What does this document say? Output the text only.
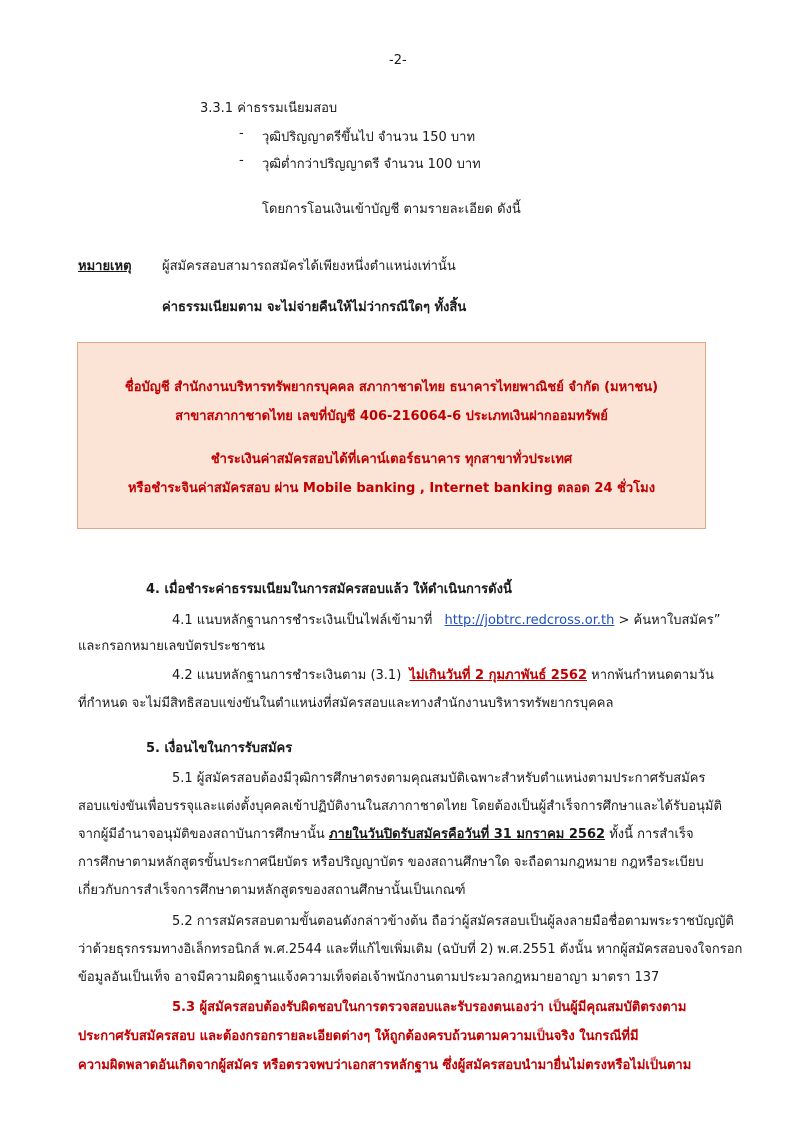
-2-
3.3.1 ค่าธรรมเนียมสอบ
- วุฒิปริญญาตรีขึ้นไป จำนวน 150 บาท
- วุฒิต่ำกว่าปริญญาตรี จำนวน 100 บาท
โดยการโอนเงินเข้าบัญชี ตามรายละเอียด ดังนี้
หมายเหตุ ผู้สมัครสอบสามารถสมัครได้เพียงหนึ่งตำแหน่งเท่านั้น
ค่าธรรมเนียมตาม จะไม่จ่ายคืนให้ไม่ว่ากรณีใดๆ ทั้งสิ้น
ชื่อบัญชี สำนักงานบริหารทรัพยากรบุคคล สภากาชาดไทย ธนาคารไทยพาณิชย์ จำกัด (มหาชน)
สาขาสภากาชาดไทย เลขที่บัญชี 406-216064-6 ประเภทเงินฝากออมทรัพย์
ชำระเงินค่าสมัครสอบได้ที่เคาน์เตอร์ธนาคาร ทุกสาขาทั่วประเทศ
หรือชำระจินค่าสมัครสอบ ผ่าน Mobile banking , Internet banking ตลอด 24 ชั่วโมง
4. เมื่อชำระค่าธรรมเนียมในการสมัครสอบแล้ว ให้ดำเนินการดังนี้
4.1 แนบหลักฐานการชำระเงินเป็นไฟล์เข้ามาที่ http://jobtrc.redcross.or.th > ค้นหาใบสมัคร”
และกรอกหมายเลขบัตรประชาชน
4.2 แนบหลักฐานการชำระเงินตาม (3.1) ไม่เกินวันที่ 2 กุมภาพันธ์ 2562 หากพ้นกำหนดตามวัน
ที่กำหนด จะไม่มีสิทธิสอบแข่งขันในตำแหน่งที่สมัครสอบและทางสำนักงานบริหารทรัพยากรบุคคล
5. เงื่อนไขในการรับสมัคร
5.1 ผู้สมัครสอบต้องมีวุฒิการศึกษาตรงตามคุณสมบัติเฉพาะสำหรับตำแหน่งตามประกาศรับสมัคร
สอบแข่งขันเพื่อบรรจุและแต่งตั้งบุคคลเข้าปฏิบัติงานในสภากาชาดไทย โดยต้องเป็นผู้สำเร็จการศึกษาและได้รับอนุมัติ
จากผู้มีอำนาจอนุมัติของสถาบันการศึกษานั้น ภายในวันปิดรับสมัครคือวันที่ 31 มกราคม 2562 ทั้งนี้ การสำเร็จ
การศึกษาตามหลักสูตรขั้นประกาศนียบัตร หรือปริญญาบัตร ของสถานศึกษาใด จะถือตามกฎหมาย กฎหรือระเบียบ
เกี่ยวกับการสำเร็จการศึกษาตามหลักสูตรของสถานศึกษานั้นเป็นเกณฑ์
5.2 การสมัครสอบตามขั้นตอนดังกล่าวข้างต้น ถือว่าผู้สมัครสอบเป็นผู้ลงลายมือชื่อตามพระราชบัญญัติ
ว่าด้วยธุรกรรมทางอิเล็กทรอนิกส์ พ.ศ.2544 และที่แก้ไขเพิ่มเติม (ฉบับที่ 2) พ.ศ.2551 ดังนั้น หากผู้สมัครสอบจงใจกรอก
ข้อมูลอันเป็นเท็จ อาจมีความผิดฐานแจ้งความเท็จต่อเจ้าพนักงานตามประมวลกฎหมายอาญา มาตรา 137
5.3 ผู้สมัครสอบต้องรับผิดชอบในการตรวจสอบและรับรองตนเองว่า เป็นผู้มีคุณสมบัติตรงตาม
ประกาศรับสมัครสอบ และต้องกรอกรายละเอียดต่างๆ ให้ถูกต้องครบถ้วนตามความเป็นจริง ในกรณีที่มี
ความผิดพลาดอันเกิดจากผู้สมัคร หรือตรวจพบว่าเอกสารหลักฐาน ซึ่งผู้สมัครสอบนำมายื่นไม่ตรงหรือไม่เป็นตาม
